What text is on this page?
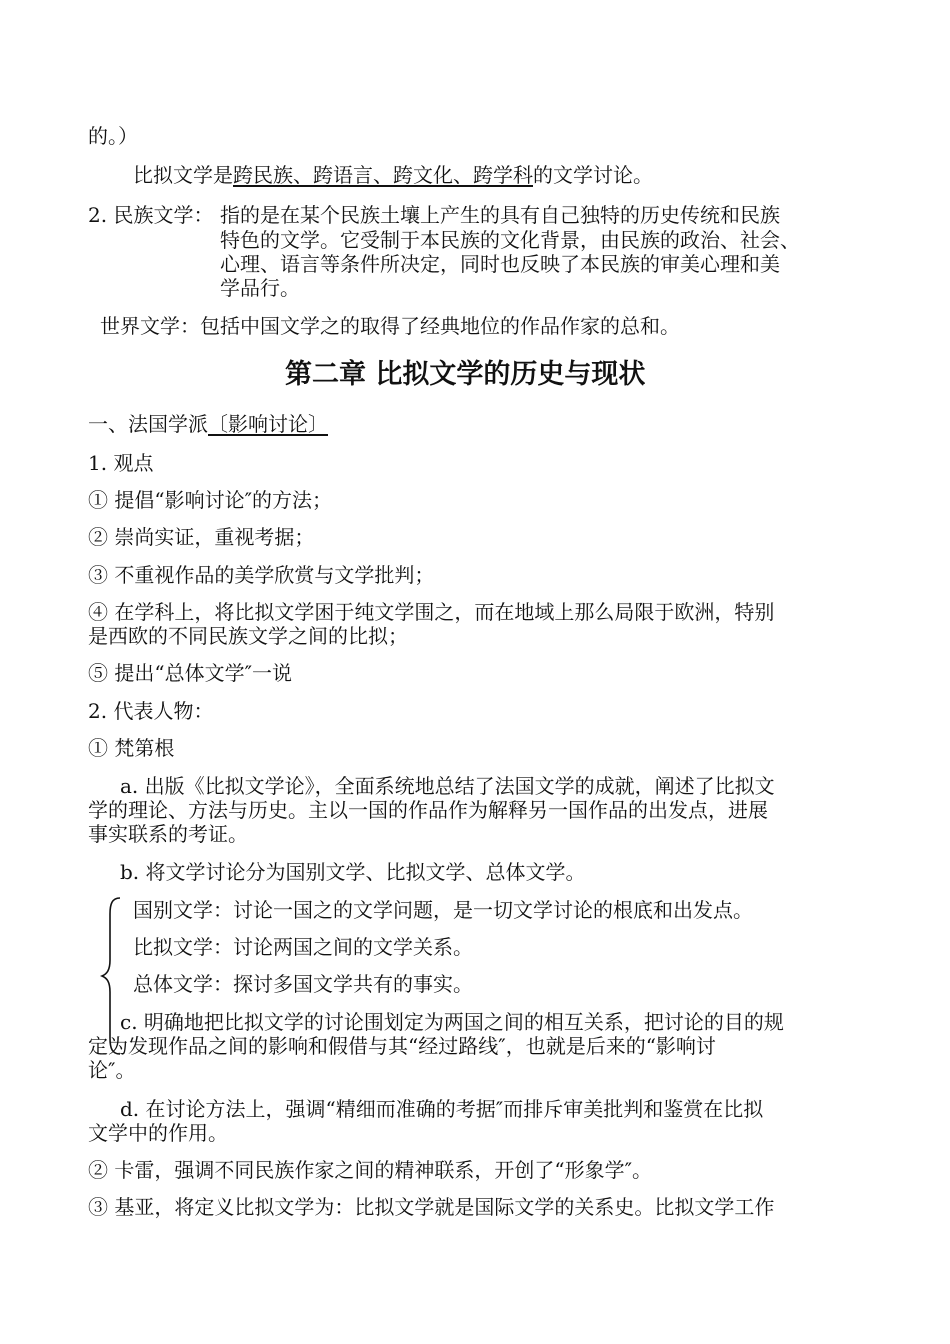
的。）
比拟文学是跨民族、跨语言、跨文化、跨学科的文学讨论。
2. 民族文学： 指的是在某个民族土壤上产生的具有自己独特的历史传统和民族
特色的文学。它受制于本民族的文化背景，由民族的政治、社会、
心理、语言等条件所决定，同时也反映了本民族的审美心理和美
学品行。
世界文学：包括中国文学之的取得了经典地位的作品作家的总和。
第二章 比拟文学的历史与现状
一、法国学派〔影响讨论〕
1. 观点
① 提倡“影响讨论″的方法；
② 崇尚实证，重视考据；
③ 不重视作品的美学欣赏与文学批判；
④ 在学科上，将比拟文学困于纯文学围之，而在地域上那么局限于欧洲，特别
是西欧的不同民族文学之间的比拟；
⑤ 提出“总体文学″一说
2. 代表人物：
① 梵第根
a. 出版《比拟文学论》，全面系统地总结了法国文学的成就，阐述了比拟文
学的理论、方法与历史。主以一国的作品作为解释另一国作品的出发点，进展
事实联系的考证。
b. 将文学讨论分为国别文学、比拟文学、总体文学。
国别文学：讨论一国之的文学问题，是一切文学讨论的根底和出发点。
比拟文学：讨论两国之间的文学关系。
总体文学：探讨多国文学共有的事实。
c. 明确地把比拟文学的讨论围划定为两国之间的相互关系，把讨论的目的规
定为发现作品之间的影响和假借与其“经过路线″，也就是后来的“影响讨
论″。
d. 在讨论方法上，强调“精细而准确的考据″而排斥审美批判和鉴赏在比拟
文学中的作用。
② 卡雷，强调不同民族作家之间的精神联系，开创了“形象学″。
③ 基亚，将定义比拟文学为：比拟文学就是国际文学的关系史。比拟文学工作
